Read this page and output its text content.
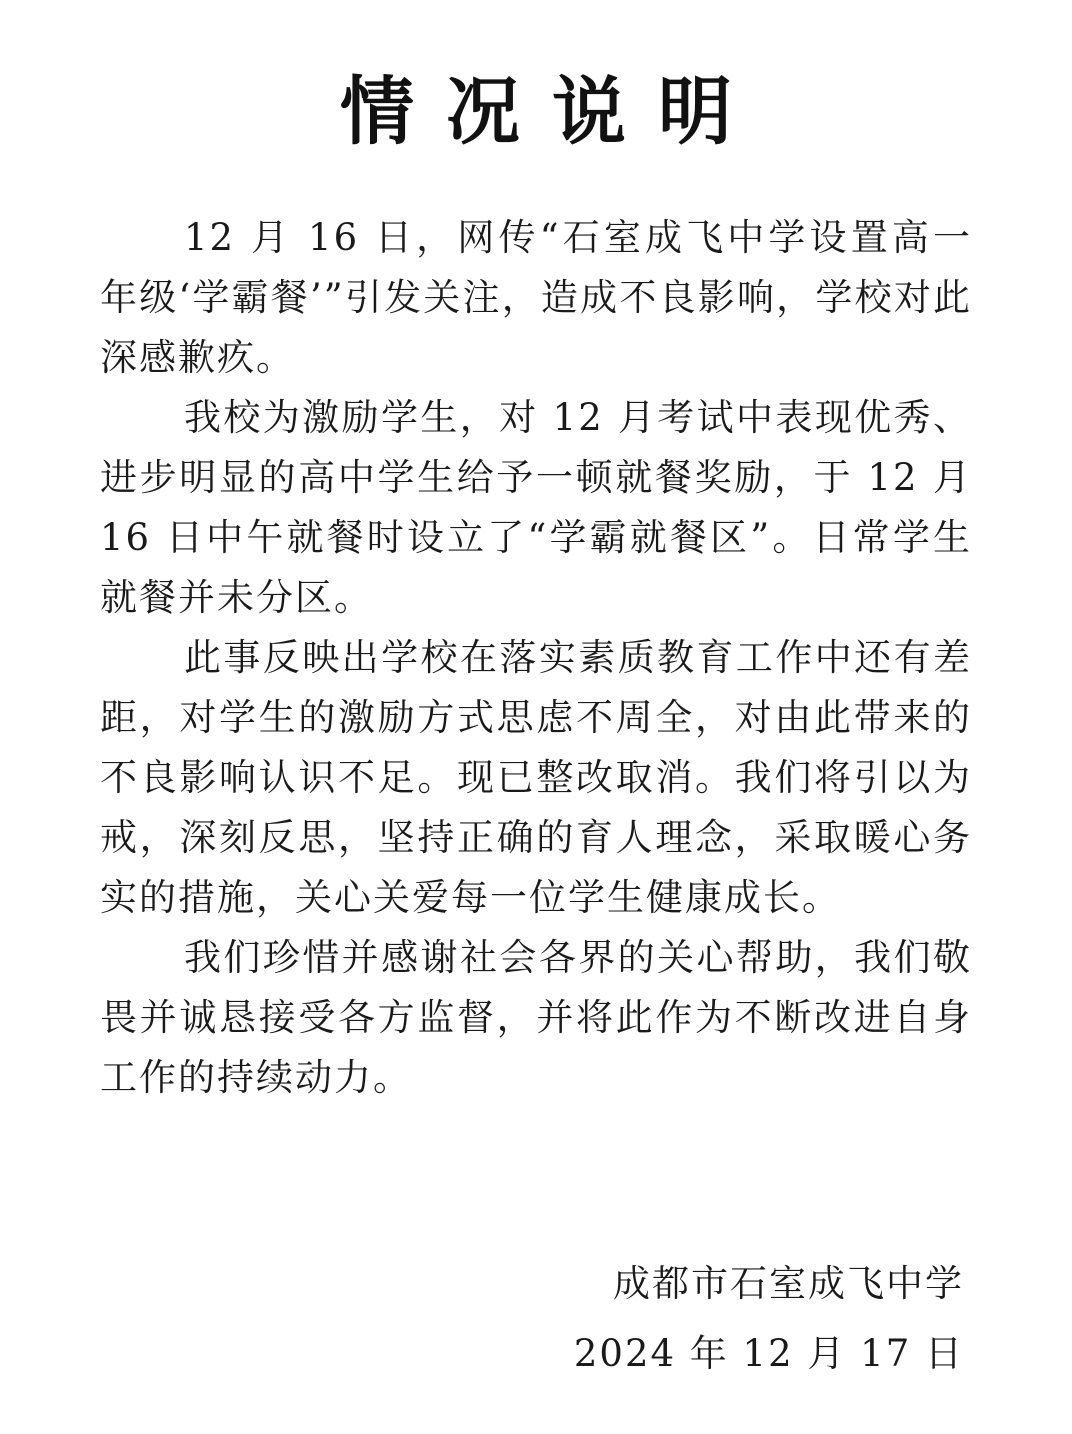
情况说明

12 月 16 日，网传“石室成飞中学设置高一年级‘学霸餐’”引发关注，造成不良影响，学校对此深感歉疚。

我校为激励学生，对 12 月考试中表现优秀、进步明显的高中学生给予一顿就餐奖励，于 12 月 16 日中午就餐时设立了“学霸就餐区”。日常学生就餐并未分区。

此事反映出学校在落实素质教育工作中还有差距，对学生的激励方式思虑不周全，对由此带来的不良影响认识不足。现已整改取消。我们将引以为戒，深刻反思，坚持正确的育人理念，采取暖心务实的措施，关心关爱每一位学生健康成长。

我们珍惜并感谢社会各界的关心帮助，我们敬畏并诚恳接受各方监督，并将此作为不断改进自身工作的持续动力。

成都市石室成飞中学
2024 年 12 月 17 日
